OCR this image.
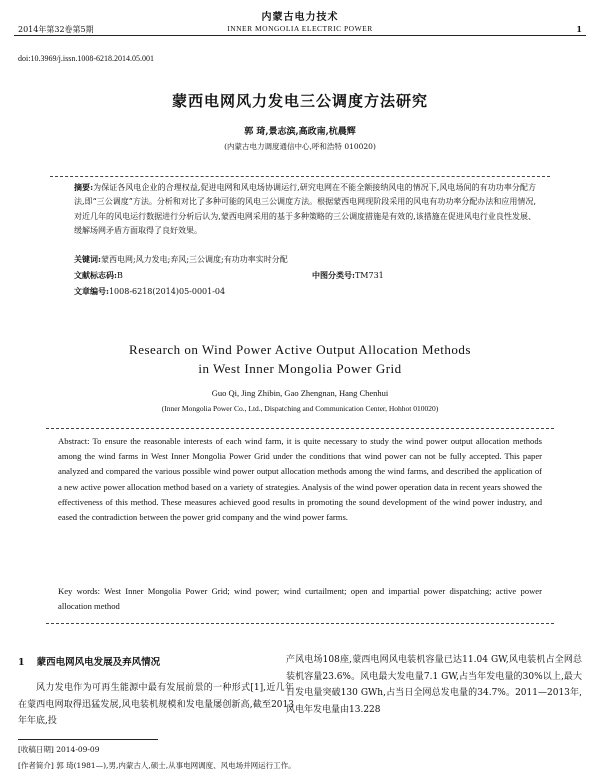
内蒙古电力技术
2014年第32卷第5期	INNER MONGOLIA ELECTRIC POWER	1
doi:10.3969/j.issn.1008-6218.2014.05.001
蒙西电网风力发电三公调度方法研究
郭 琦,景志滨,高政南,杭晨辉
(内蒙古电力调度通信中心,呼和浩特 010020)
摘要:为保证各风电企业的合理权益,促进电网和风电场协调运行,研究电网在不能全额接纳风电的情况下,风电场间的有功功率分配方法,即“三公调度”方法。分析和对比了多种可能的风电三公调度方法。根据蒙西电网现阶段采用的风电有功功率分配办法和应用情况,对近几年的风电运行数据进行分析后认为,蒙西电网采用的基于多种策略的三公调度措施是有效的,该措施在促进风电行业良性发展、缓解场网矛盾方面取得了良好效果。
关键词:蒙西电网;风力发电;弃风;三公调度;有功功率实时分配
文献标志码:B	中图分类号:TM731
文章编号:1008-6218(2014)05-0001-04
Research on Wind Power Active Output Allocation Methods
in West Inner Mongolia Power Grid
Guo Qi, Jing Zhibin, Gao Zhengnan, Hang Chenhui
(Inner Mongolia Power Co., Ltd., Dispatching and Communication Center, Hohhot 010020)
Abstract: To ensure the reasonable interests of each wind farm, it is quite necessary to study the wind power output allocation methods among the wind farms in West Inner Mongolia Power Grid under the conditions that wind power can not be fully accepted. This paper analyzed and compared the various possible wind power output allocation methods among the wind farms, and described the application of a new active power allocation method based on a variety of strategies. Analysis of the wind power operation data in recent years showed the effectiveness of this method. These measures achieved good results in promoting the sound development of the wind power industry, and eased the contradiction between the power grid company and the wind power farms.
Key words: West Inner Mongolia Power Grid; wind power; wind curtailment; open and impartial power dispatching; active power allocation method
1 蒙西电网风电发展及弃风情况
风力发电作为可再生能源中最有发展前景的一种形式[1],近几年在蒙西电网取得迅猛发展,风电装机规模和发电量屡创新高,截至2013年年底,投
产风电场108座,蒙西电网风电装机容量已达11.04 GW,风电装机占全网总装机容量23.6%。风电最大发电量7.1 GW,占当年发电量的30%以上,最大日发电量突破130 GWh,占当日全网总发电量的34.7%。2011—2013年,风电年发电量由13.228
[收稿日期] 2014-09-09
[作者简介] 郭 琦(1981—),男,内蒙古人,硕士,从事电网调度、风电场并网运行工作。
